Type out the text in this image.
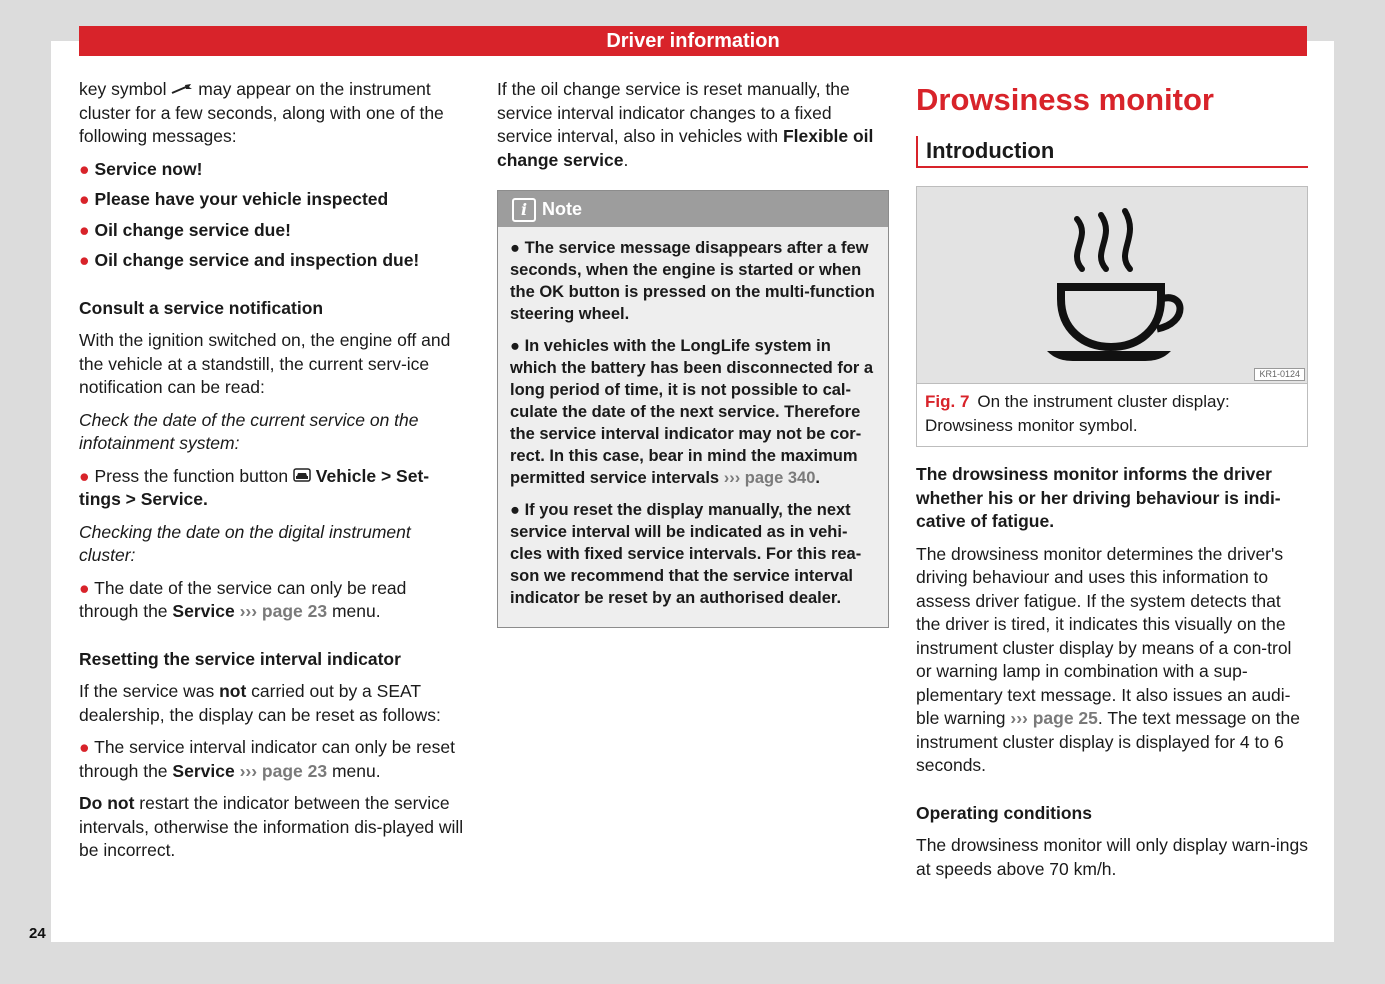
Driver information
24

key symbol may appear on the instrument cluster for a few seconds, along with one of the following messages:

● Service now!

● Please have your vehicle inspected

● Oil change service due!

● Oil change service and inspection due!

Consult a service notification

With the ignition switched on, the engine off and the vehicle at a standstill, the current serv-ice notification can be read:

Check the date of the current service on the infotainment system:

● Press the function button Vehicle > Set-tings > Service.

Checking the date on the digital instrument cluster:

● The date of the service can only be read through the Service ››› page 23 menu.

Resetting the service interval indicator

If the service was not carried out by a SEAT dealership, the display can be reset as follows:

● The service interval indicator can only be reset through the Service ››› page 23 menu.

Do not restart the indicator between the service intervals, otherwise the information dis-played will be incorrect.

If the oil change service is reset manually, the service interval indicator changes to a fixed service interval, also in vehicles with Flexible oil change service.

i Note

● The service message disappears after a few seconds, when the engine is started or when the OK button is pressed on the multi-function steering wheel.

● In vehicles with the LongLife system in which the battery has been disconnected for a long period of time, it is not possible to cal-culate the date of the next service. Therefore the service interval indicator may not be cor-rect. In this case, bear in mind the maximum permitted service intervals ››› page 340.

● If you reset the display manually, the next service interval will be indicated as in vehi-cles with fixed service intervals. For this rea-son we recommend that the service interval indicator be reset by an authorised dealer.

Drowsiness monitor
Introduction
KR1-0124
Fig. 7 On the instrument cluster display: Drowsiness monitor symbol.

The drowsiness monitor informs the driver whether his or her driving behaviour is indi-cative of fatigue.

The drowsiness monitor determines the driver's driving behaviour and uses this information to assess driver fatigue. If the system detects that the driver is tired, it indicates this visually on the instrument cluster display by means of a con-trol or warning lamp in combination with a sup-plementary text message. It also issues an audi-ble warning ››› page 25. The text message on the instrument cluster display is displayed for 4 to 6 seconds.

Operating conditions

The drowsiness monitor will only display warn-ings at speeds above 70 km/h.
